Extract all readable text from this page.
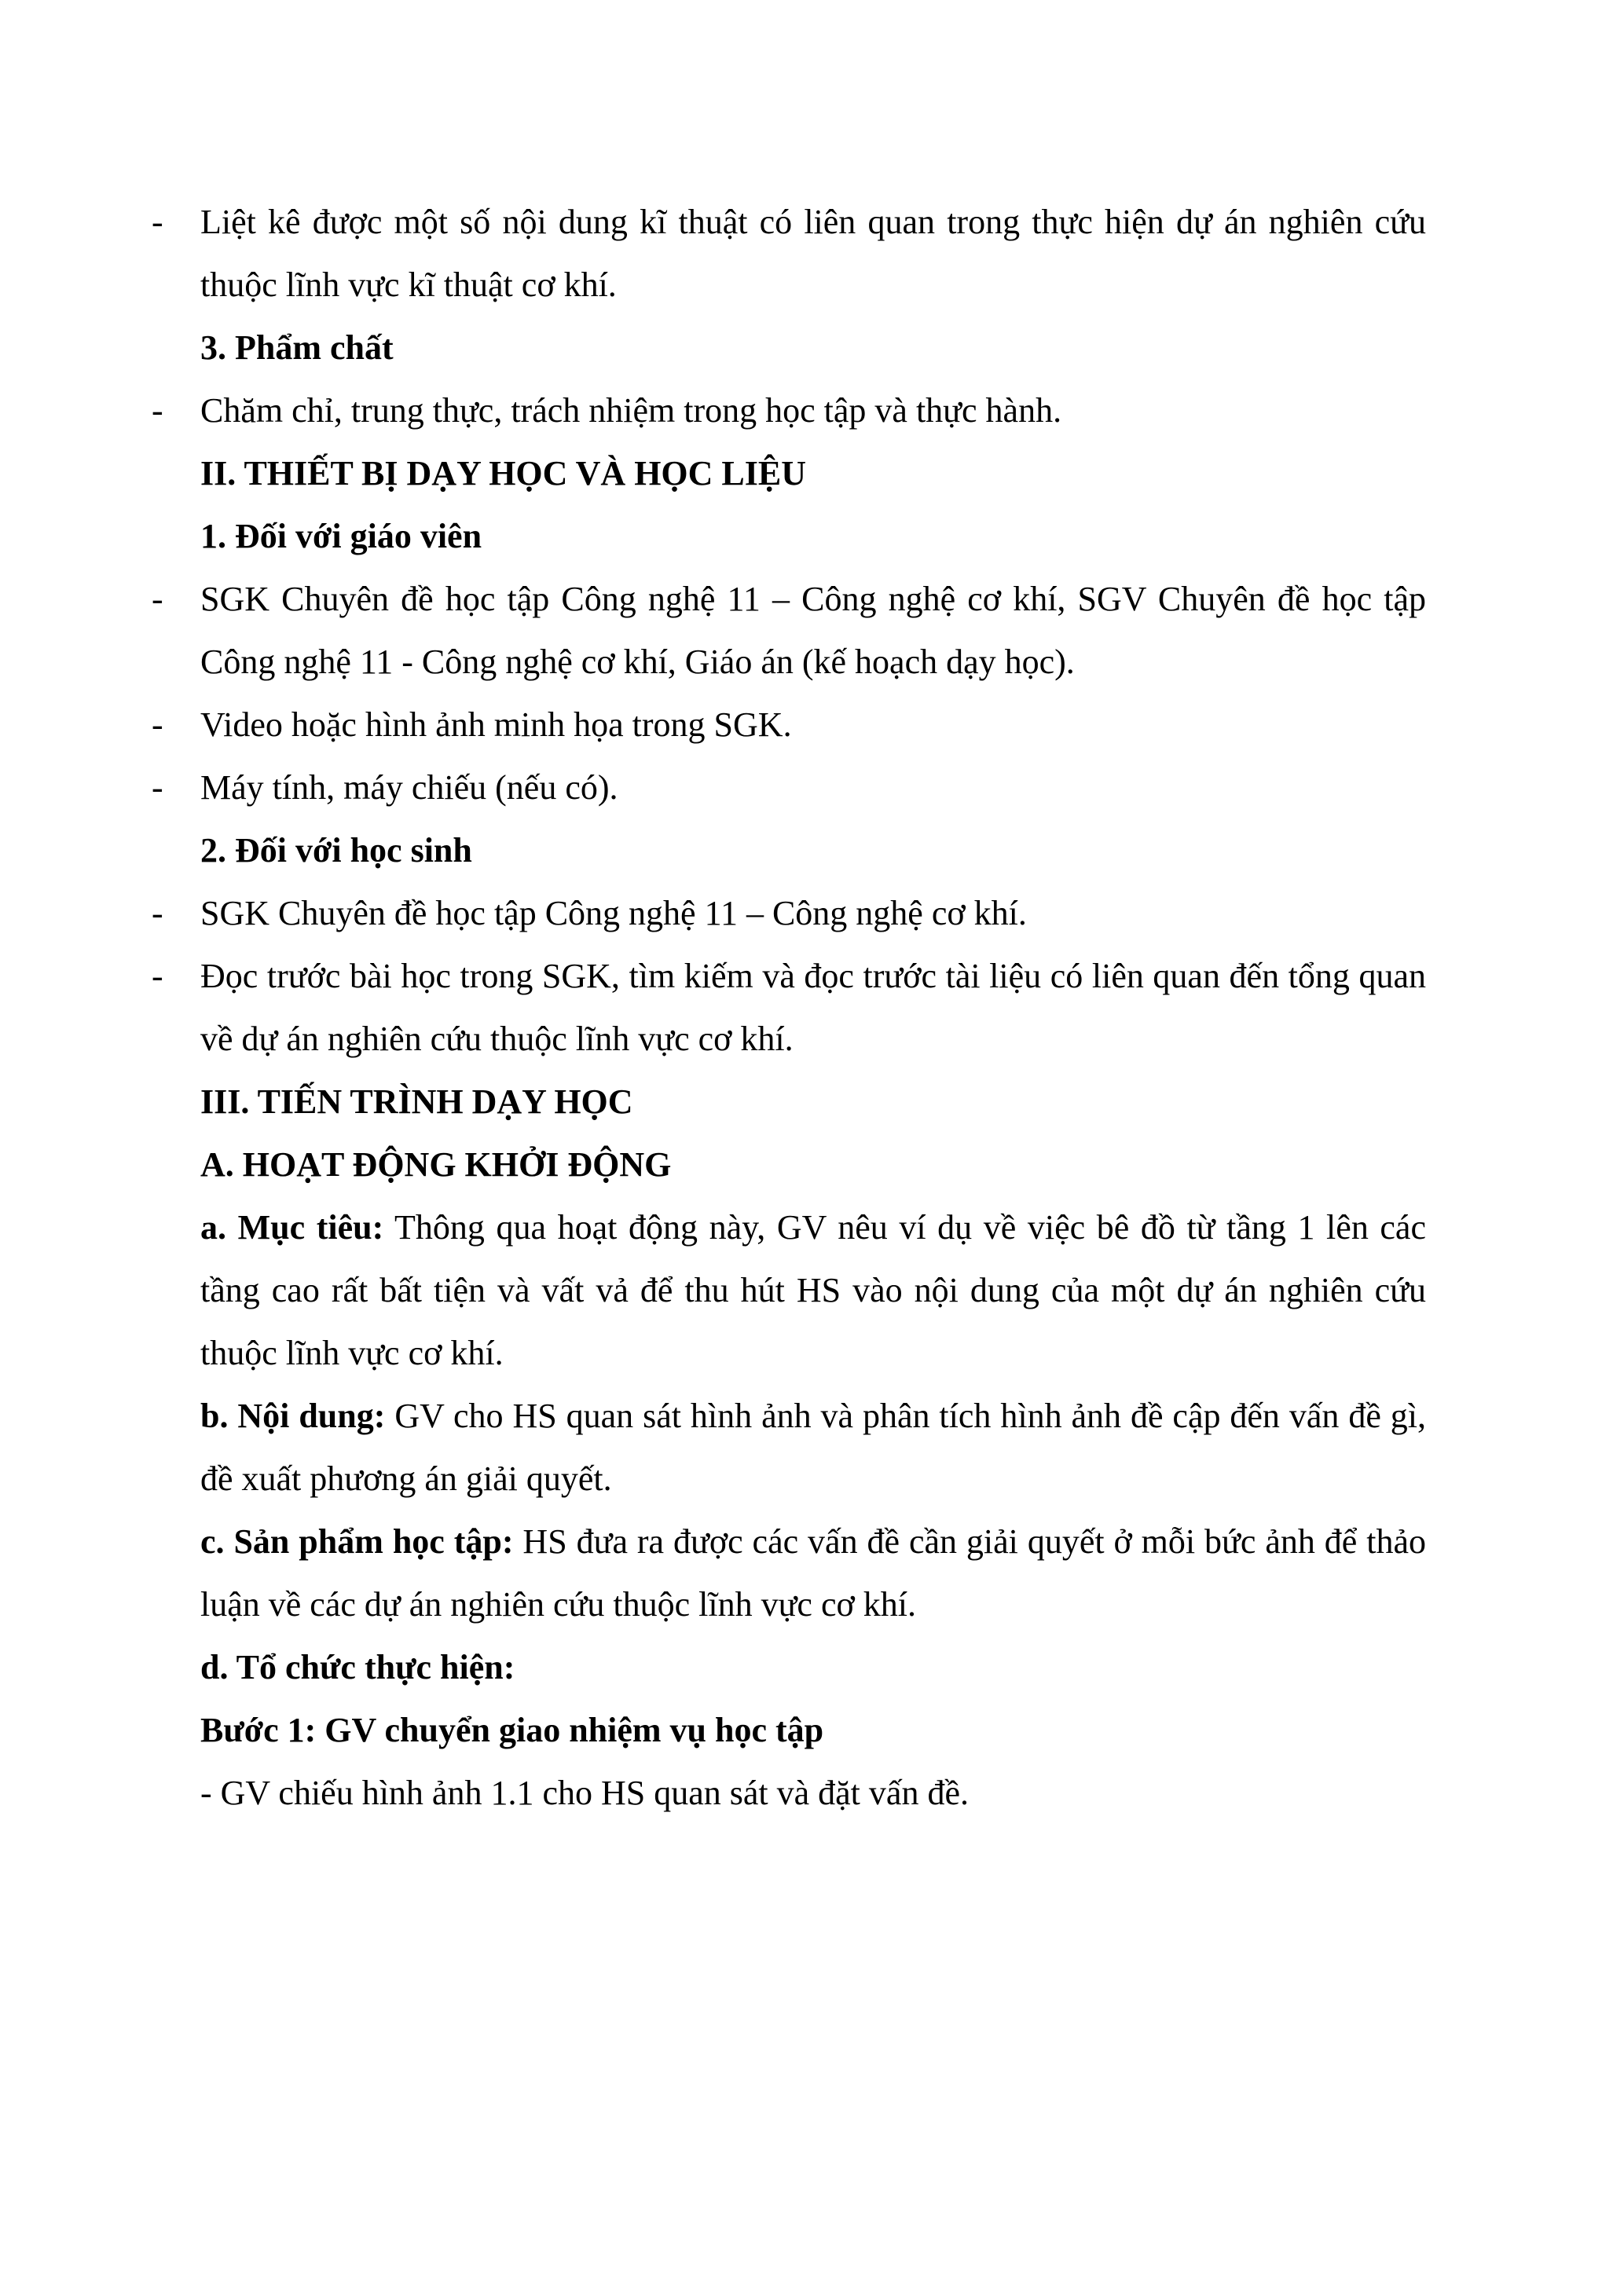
- Liệt kê được một số nội dung kĩ thuật có liên quan trong thực hiện dự án nghiên cứu thuộc lĩnh vực kĩ thuật cơ khí.

3. Phẩm chất

- Chăm chỉ, trung thực, trách nhiệm trong học tập và thực hành.

II. THIẾT BỊ DẠY HỌC VÀ HỌC LIỆU

1. Đối với giáo viên

- SGK Chuyên đề học tập Công nghệ 11 – Công nghệ cơ khí, SGV Chuyên đề học tập Công nghệ 11 - Công nghệ cơ khí, Giáo án (kế hoạch dạy học).

- Video hoặc hình ảnh minh họa trong SGK.

- Máy tính, máy chiếu (nếu có).

2. Đối với học sinh

- SGK Chuyên đề học tập Công nghệ 11 – Công nghệ cơ khí.

- Đọc trước bài học trong SGK, tìm kiếm và đọc trước tài liệu có liên quan đến tổng quan về dự án nghiên cứu thuộc lĩnh vực cơ khí.

III. TIẾN TRÌNH DẠY HỌC

A. HOẠT ĐỘNG KHỞI ĐỘNG

a. Mục tiêu: Thông qua hoạt động này, GV nêu ví dụ về việc bê đồ từ tầng 1 lên các tầng cao rất bất tiện và vất vả để thu hút HS vào nội dung của một dự án nghiên cứu thuộc lĩnh vực cơ khí.

b. Nội dung: GV cho HS quan sát hình ảnh và phân tích hình ảnh đề cập đến vấn đề gì, đề xuất phương án giải quyết.

c. Sản phẩm học tập: HS đưa ra được các vấn đề cần giải quyết ở mỗi bức ảnh để thảo luận về các dự án nghiên cứu thuộc lĩnh vực cơ khí.

d. Tổ chức thực hiện:

Bước 1: GV chuyển giao nhiệm vụ học tập

- GV chiếu hình ảnh 1.1 cho HS quan sát và đặt vấn đề.
